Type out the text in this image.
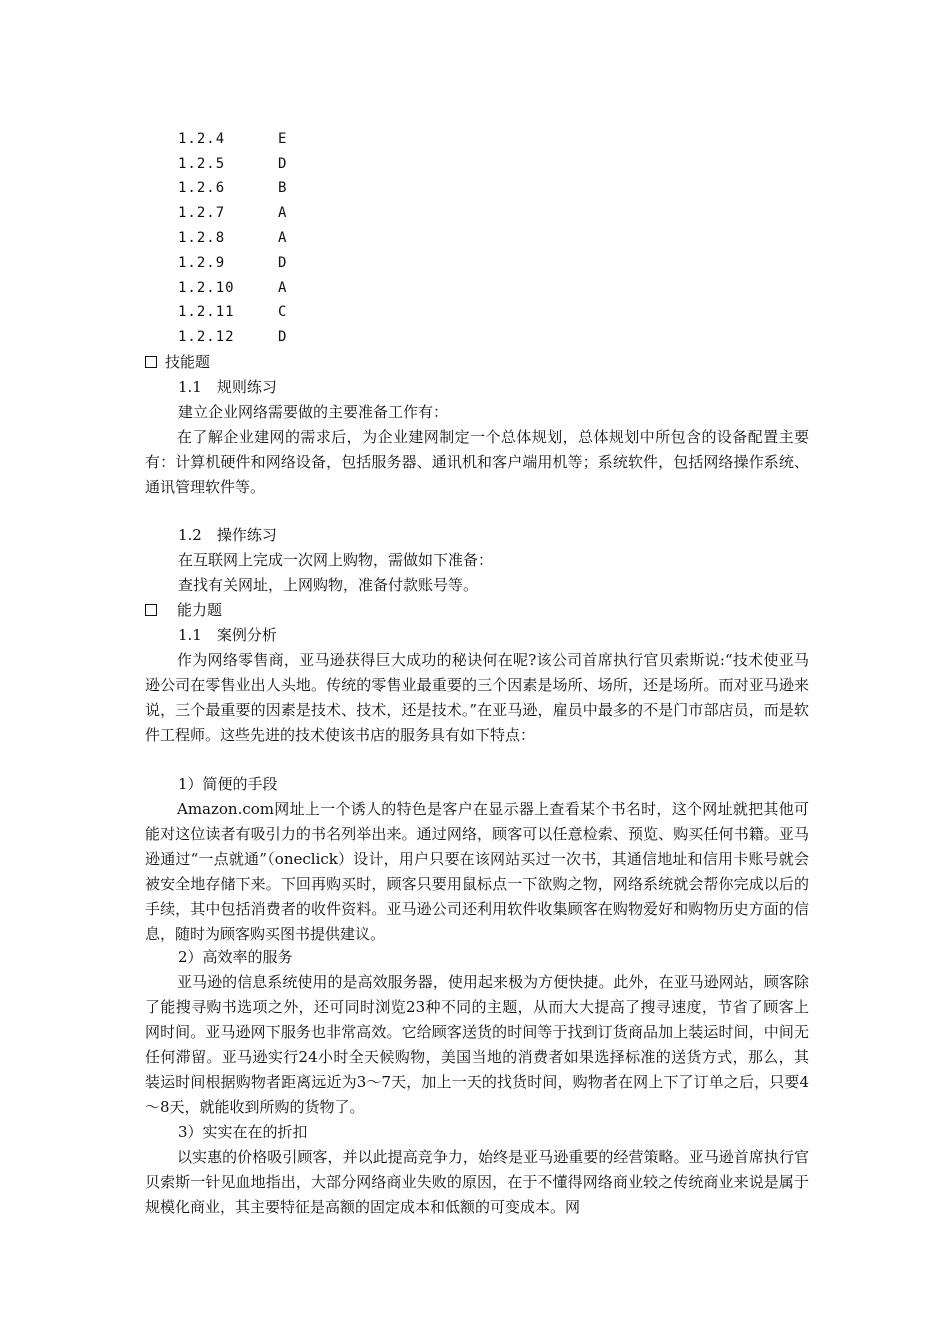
1.2.4	E
1.2.5	D
1.2.6	B
1.2.7	A
1.2.8	A
1.2.9	D
1.2.10	A
1.2.11	C
1.2.12	D
技能题
1.1　规则练习
建立企业网络需要做的主要准备工作有：
在了解企业建网的需求后，为企业建网制定一个总体规划，总体规划中所包含的设备配置主要有：计算机硬件和网络设备，包括服务器、通讯机和客户端用机等；系统软件，包括网络操作系统、通讯管理软件等。
1.2　操作练习
在互联网上完成一次网上购物，需做如下准备：
查找有关网址，上网购物，准备付款账号等。
能力题
1.1　案例分析
作为网络零售商，亚马逊获得巨大成功的秘诀何在呢?该公司首席执行官贝索斯说:“技术使亚马逊公司在零售业出人头地。传统的零售业最重要的三个因素是场所、场所，还是场所。而对亚马逊来说，三个最重要的因素是技术、技术，还是技术。”在亚马逊，雇员中最多的不是门市部店员，而是软件工程师。这些先进的技术使该书店的服务具有如下特点：
1）简便的手段
Amazon.com网址上一个诱人的特色是客户在显示器上查看某个书名时，这个网址就把其他可能对这位读者有吸引力的书名列举出来。通过网络，顾客可以任意检索、预览、购买任何书籍。亚马逊通过“一点就通”（oneclick）设计，用户只要在该网站买过一次书，其通信地址和信用卡账号就会被安全地存储下来。下回再购买时，顾客只要用鼠标点一下欲购之物，网络系统就会帮你完成以后的手续，其中包括消费者的收件资料。亚马逊公司还利用软件收集顾客在购物爱好和购物历史方面的信息，随时为顾客购买图书提供建议。
2）高效率的服务
亚马逊的信息系统使用的是高效服务器，使用起来极为方便快捷。此外，在亚马逊网站，顾客除了能搜寻购书选项之外，还可同时浏览23种不同的主题，从而大大提高了搜寻速度，节省了顾客上网时间。亚马逊网下服务也非常高效。它给顾客送货的时间等于找到订货商品加上装运时间，中间无任何滞留。亚马逊实行24小时全天候购物，美国当地的消费者如果选择标准的送货方式，那么，其装运时间根据购物者距离远近为3～7天，加上一天的找货时间，购物者在网上下了订单之后，只要4～8天，就能收到所购的货物了。
3）实实在在的折扣
以实惠的价格吸引顾客，并以此提高竞争力，始终是亚马逊重要的经营策略。亚马逊首席执行官贝索斯一针见血地指出，大部分网络商业失败的原因，在于不懂得网络商业较之传统商业来说是属于规模化商业，其主要特征是高额的固定成本和低额的可变成本。网
